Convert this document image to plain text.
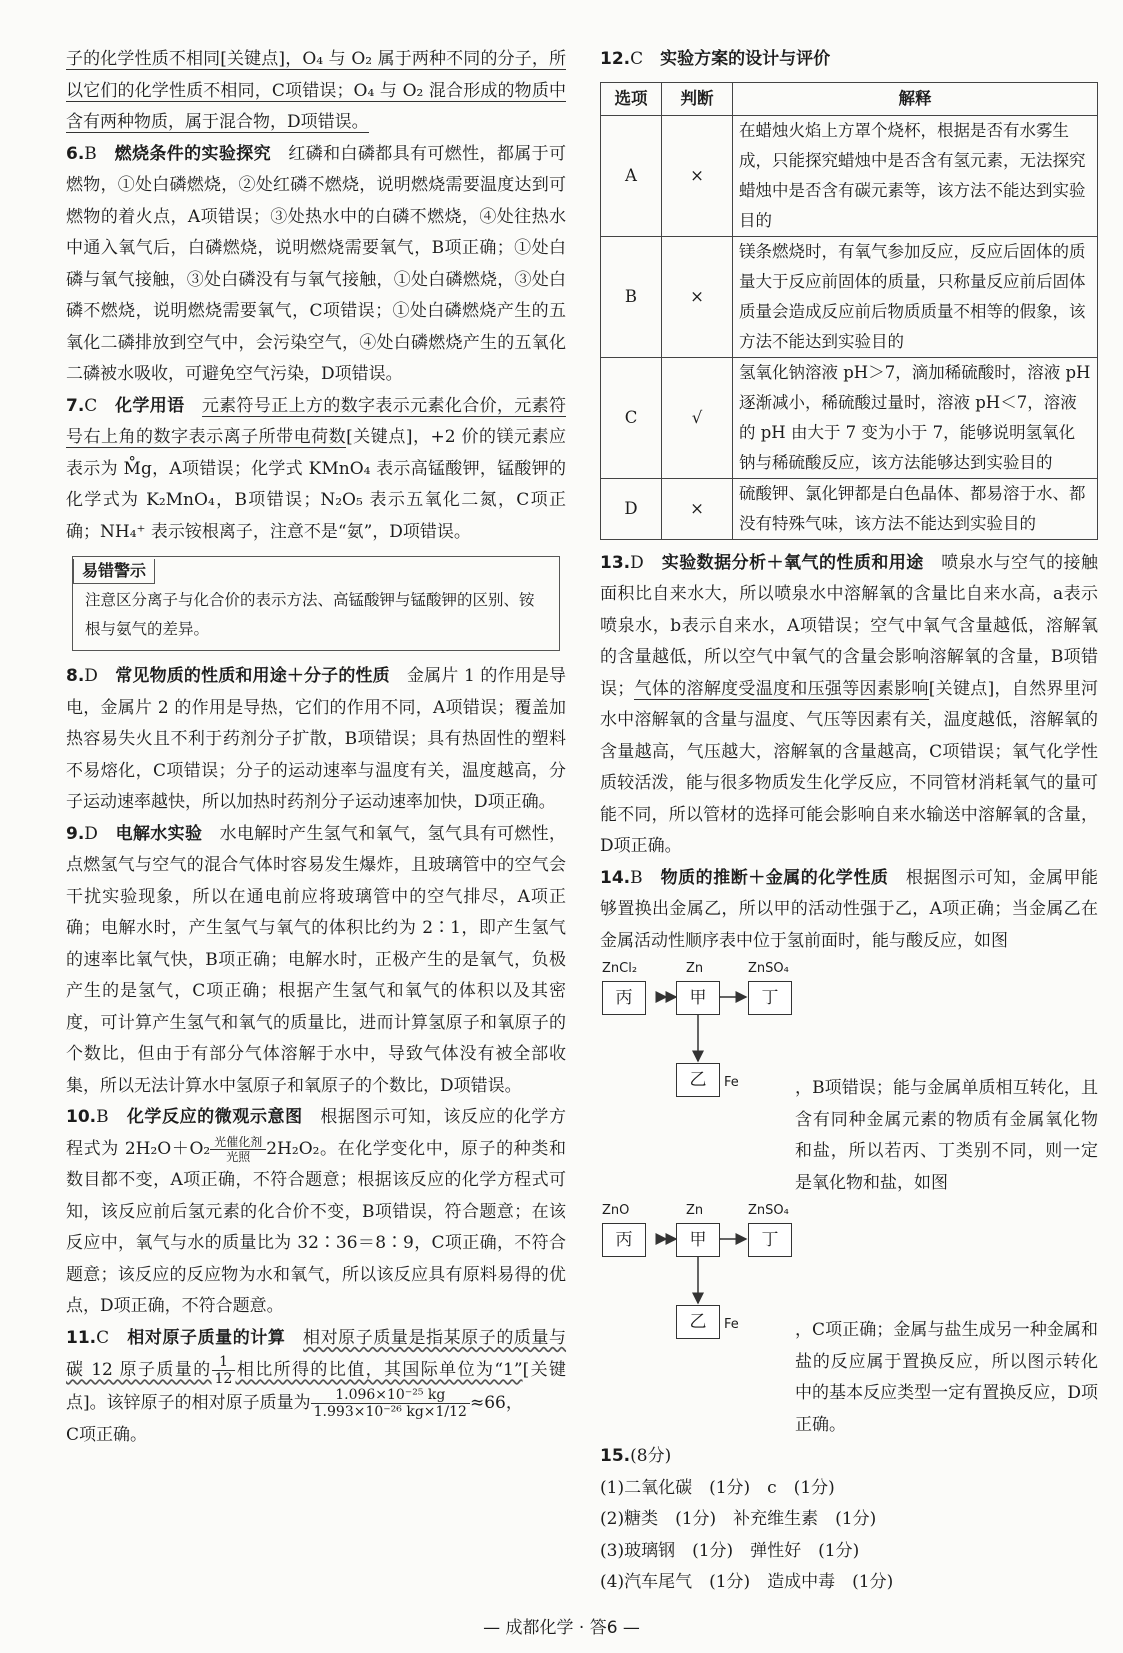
子的化学性质不相同[关键点]，O₄ 与 O₂ 属于两种不同的分子，所以它们的化学性质不相同，C项错误；O₄ 与 O₂ 混合形成的物质中含有两种物质，属于混合物，D项错误。

6.B　 燃烧条件的实验探究　 红磷和白磷都具有可燃性，都属于可燃物，①处白磷燃烧，②处红磷不燃烧，说明燃烧需要温度达到可燃物的着火点，A项错误；③处热水中的白磷不燃烧，④处往热水中通入氧气后，白磷燃烧，说明燃烧需要氧气，B项正确；①处白磷与氧气接触，③处白磷没有与氧气接触，①处白磷燃烧，③处白磷不燃烧，说明燃烧需要氧气，C项错误；①处白磷燃烧产生的五氧化二磷排放到空气中，会污染空气，④处白磷燃烧产生的五氧化二磷被水吸收，可避免空气污染，D项错误。

7.C　 化学用语　 元素符号正上方的数字表示元素化合价，元素符号右上角的数字表示离子所带电荷数[关键点]，+2 价的镁元素应表示为 M̊g，A项错误；化学式 KMnO₄ 表示高锰酸钾，锰酸钾的化学式为 K₂MnO₄，B项错误；N₂O₅ 表示五氧化二氮，C项正确；NH₄⁺ 表示铵根离子，注意不是“氨”，D项错误。

易错警示
注意区分离子与化合价的表示方法、高锰酸钾与锰酸钾的区别、铵根与氨气的差异。

8.D　 常见物质的性质和用途＋分子的性质　 金属片 1 的作用是导电，金属片 2 的作用是导热，它们的作用不同，A项错误；覆盖加热容易失火且不利于药剂分子扩散，B项错误；具有热固性的塑料不易熔化，C项错误；分子的运动速率与温度有关，温度越高，分子运动速率越快，所以加热时药剂分子运动速率加快，D项正确。

9.D　 电解水实验　 水电解时产生氢气和氧气，氢气具有可燃性，点燃氢气与空气的混合气体时容易发生爆炸，且玻璃管中的空气会干扰实验现象，所以在通电前应将玻璃管中的空气排尽，A项正确；电解水时，产生氢气与氧气的体积比约为 2∶1，即产生氢气的速率比氧气快，B项正确；电解水时，正极产生的是氧气，负极产生的是氢气，C项正确；根据产生氢气和氧气的体积以及其密度，可计算产生氢气和氧气的质量比，进而计算氢原子和氧原子的个数比，但由于有部分气体溶解于水中，导致气体没有被全部收集，所以无法计算水中氢原子和氧原子的个数比，D项错误。

10.B　 化学反应的微观示意图　 根据图示可知，该反应的化学方程式为 2H₂O＋O₂ 光催化剂
光照 2H₂O₂。在化学变化中，原子的种类和数目都不变，A项正确，不符合题意；根据该反应的化学方程式可知，该反应前后氢元素的化合价不变，B项错误，符合题意；在该反应中，氧气与水的质量比为 32∶36＝8∶9，C项正确，不符合题意；该反应的反应物为水和氧气，所以该反应具有原料易得的优点，D项正确，不符合题意。

11.C　 相对原子质量的计算　 相对原子质量是指某原子的质量与碳 12 原子质量的 $\frac{1}{12}$ 相比所得的比值，其国际单位为“1”[关键点]。该锌原子的相对原子质量为 $\frac{\text{1.096×10⁻²⁵ kg}}{\text{1.993×10⁻²⁶ kg×1/12}} \approx 66$，
C项正确。

12.C　 实验方案的设计与评价

选项	判断	解释
A	×	在蜡烛火焰上方罩个烧杯，根据是否有水雾生成，只能探究蜡烛中是否含有氢元素，无法探究蜡烛中是否含有碳元素等，该方法不能达到实验目的
B	×	镁条燃烧时，有氧气参加反应，反应后固体的质量大于反应前固体的质量，只称量反应前后固体质量会造成反应前后物质质量不相等的假象，该方法不能达到实验目的
C	√	氢氧化钠溶液 pH＞7，滴加稀硫酸时，溶液 pH 逐渐减小，稀硫酸过量时，溶液 pH＜7，溶液的 pH 由大于 7 变为小于 7，能够说明氢氧化钠与稀硫酸反应，该方法能够达到实验目的
D	×	硫酸钾、氯化钾都是白色晶体、都易溶于水、都没有特殊气味，该方法不能达到实验目的

13.D　 实验数据分析＋氧气的性质和用途　 喷泉水与空气的接触面积比自来水大，所以喷泉水中溶解氧的含量比自来水高，a表示喷泉水，b表示自来水，A项错误；空气中氧气含量越低，溶解氧的含量越低，所以空气中氧气的含量会影响溶解氧的含量，B项错误；气体的溶解度受温度和压强等因素影响[关键点]，自然界里河水中溶解氧的含量与温度、气压等因素有关，温度越低，溶解氧的含量越高，气压越大，溶解氧的含量越高，C项错误；氧气化学性质较活泼，能与很多物质发生化学反应，不同管材消耗氧气的量可能不同，所以管材的选择可能会影响自来水输送中溶解氧的含量，D项正确。

14.B　 物质的推断＋金属的化学性质　 根据图示可知，金属甲能够置换出金属乙，所以甲的活动性强于乙，A项正确；当金属乙在金属活动性顺序表中位于氢前面时，能与酸反应，如图

ZnCl₂	Zn	ZnSO₄
丙	甲	丁
乙	Fe	，B项错误；能与金属单质相互转化，且含有同种金属元素的物质有金属氧化物和盐，所以若丙、丁类别不同，则一定是氧化物和盐，如图

ZnO	Zn	ZnSO₄
丙	甲	丁
乙	Fe	，C项正确；金属与盐生成另一种金属和盐的反应属于置换反应，所以图示转化中的基本反应类型一定有置换反应，D项正确。

15.(8分)

(1)二氧化碳　(1分)　c　(1分)

(2)糖类　(1分)　补充维生素　(1分)

(3)玻璃钢　(1分)　弹性好　(1分)

(4)汽车尾气　(1分)　造成中毒　(1分)

— 成都化学 · 答6 —
